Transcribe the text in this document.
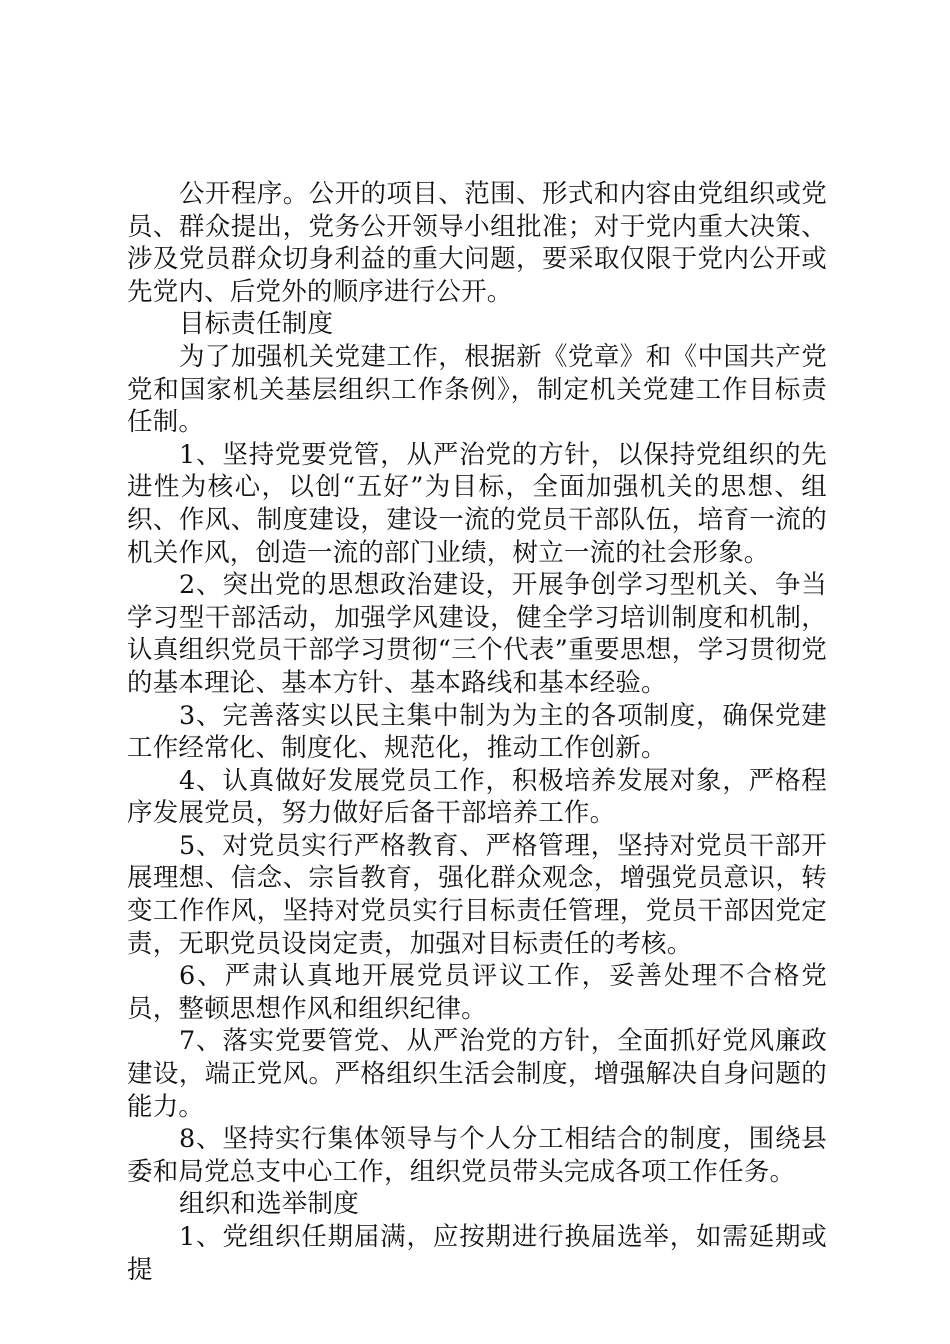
公开程序。公开的项目、范围、形式和内容由党组织或党员、群众提出，党务公开领导小组批准；对于党内重大决策、涉及党员群众切身利益的重大问题，要采取仅限于党内公开或先党内、后党外的顺序进行公开。

目标责任制度

为了加强机关党建工作，根据新《党章》和《中国共产党党和国家机关基层组织工作条例》，制定机关党建工作目标责任制。

1、坚持党要党管，从严治党的方针，以保持党组织的先进性为核心，以创“五好”为目标，全面加强机关的思想、组织、作风、制度建设，建设一流的党员干部队伍，培育一流的机关作风，创造一流的部门业绩，树立一流的社会形象。

2、突出党的思想政治建设，开展争创学习型机关、争当学习型干部活动，加强学风建设，健全学习培训制度和机制，认真组织党员干部学习贯彻“三个代表”重要思想，学习贯彻党的基本理论、基本方针、基本路线和基本经验。

3、完善落实以民主集中制为为主的各项制度，确保党建工作经常化、制度化、规范化，推动工作创新。

4、认真做好发展党员工作，积极培养发展对象，严格程序发展党员，努力做好后备干部培养工作。

5、对党员实行严格教育、严格管理，坚持对党员干部开展理想、信念、宗旨教育，强化群众观念，增强党员意识，转变工作作风，坚持对党员实行目标责任管理，党员干部因党定责，无职党员设岗定责，加强对目标责任的考核。

6、严肃认真地开展党员评议工作，妥善处理不合格党员，整顿思想作风和组织纪律。

7、落实党要管党、从严治党的方针，全面抓好党风廉政建设，端正党风。严格组织生活会制度，增强解决自身问题的能力。

8、坚持实行集体领导与个人分工相结合的制度，围绕县委和局党总支中心工作，组织党员带头完成各项工作任务。

组织和选举制度

1、党组织任期届满，应按期进行换届选举，如需延期或提
